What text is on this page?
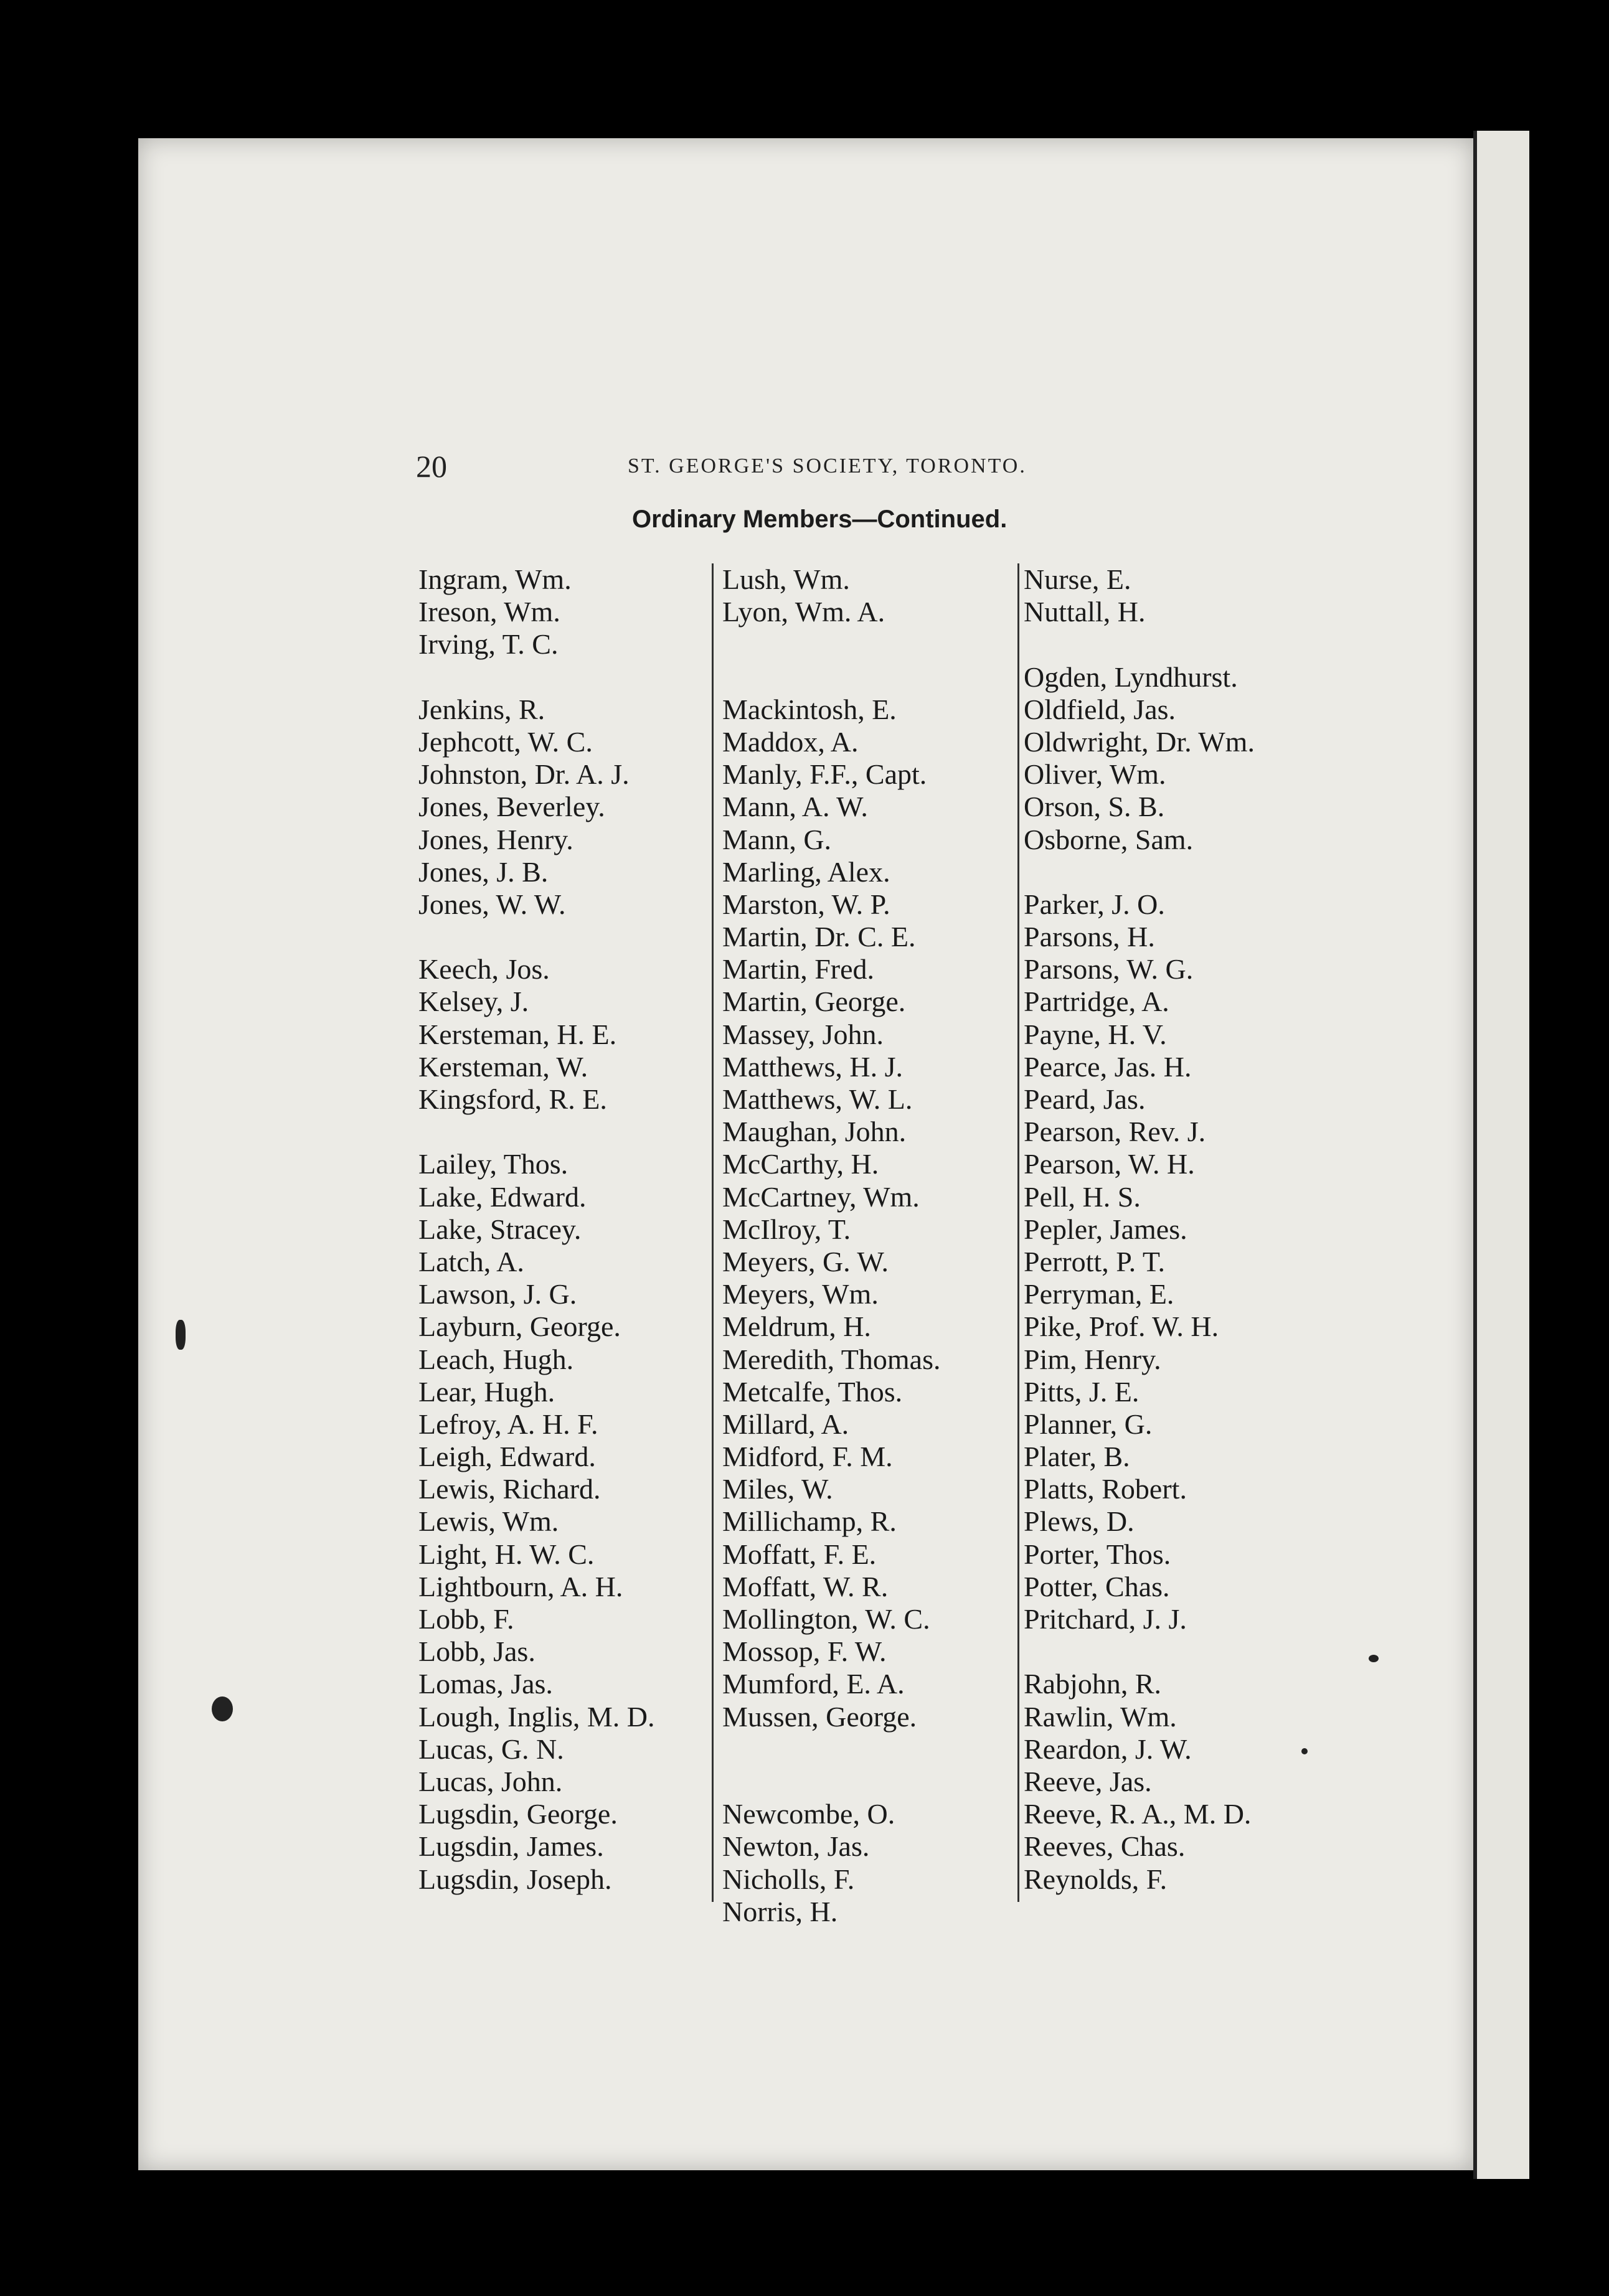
20	ST. GEORGE'S SOCIETY, TORONTO.
Ordinary Members—Continued.
Ingram, Wm.
Ireson, Wm.
Irving, T. C.
Jenkins, R.
Jephcott, W. C.
Johnston, Dr. A. J.
Jones, Beverley.
Jones, Henry.
Jones, J. B.
Jones, W. W.
Keech, Jos.
Kelsey, J.
Kersteman, H. E.
Kersteman, W.
Kingsford, R. E.
Lailey, Thos.
Lake, Edward.
Lake, Stracey.
Latch, A.
Lawson, J. G.
Layburn, George.
Leach, Hugh.
Lear, Hugh.
Lefroy, A. H. F.
Leigh, Edward.
Lewis, Richard.
Lewis, Wm.
Light, H. W. C.
Lightbourn, A. H.
Lobb, F.
Lobb, Jas.
Lomas, Jas.
Lough, Inglis, M. D.
Lucas, G. N.
Lucas, John.
Lugsdin, George.
Lugsdin, James.
Lugsdin, Joseph.
Lush, Wm.
Lyon, Wm. A.
Mackintosh, E.
Maddox, A.
Manly, F.F., Capt.
Mann, A. W.
Mann, G.
Marling, Alex.
Marston, W. P.
Martin, Dr. C. E.
Martin, Fred.
Martin, George.
Massey, John.
Matthews, H. J.
Matthews, W. L.
Maughan, John.
McCarthy, H.
McCartney, Wm.
McIlroy, T.
Meyers, G. W.
Meyers, Wm.
Meldrum, H.
Meredith, Thomas.
Metcalfe, Thos.
Millard, A.
Midford, F. M.
Miles, W.
Millichamp, R.
Moffatt, F. E.
Moffatt, W. R.
Mollington, W. C.
Mossop, F. W.
Mumford, E. A.
Mussen, George.
Newcombe, O.
Newton, Jas.
Nicholls, F.
Norris, H.
Nurse, E.
Nuttall, H.
Ogden, Lyndhurst.
Oldfield, Jas.
Oldwright, Dr. Wm.
Oliver, Wm.
Orson, S. B.
Osborne, Sam.
Parker, J. O.
Parsons, H.
Parsons, W. G.
Partridge, A.
Payne, H. V.
Pearce, Jas. H.
Peard, Jas.
Pearson, Rev. J.
Pearson, W. H.
Pell, H. S.
Pepler, James.
Perrott, P. T.
Perryman, E.
Pike, Prof. W. H.
Pim, Henry.
Pitts, J. E.
Planner, G.
Plater, B.
Platts, Robert.
Plews, D.
Porter, Thos.
Potter, Chas.
Pritchard, J. J.
Rabjohn, R.
Rawlin, Wm.
Reardon, J. W.
Reeve, Jas.
Reeve, R. A., M. D.
Reeves, Chas.
Reynolds, F.
